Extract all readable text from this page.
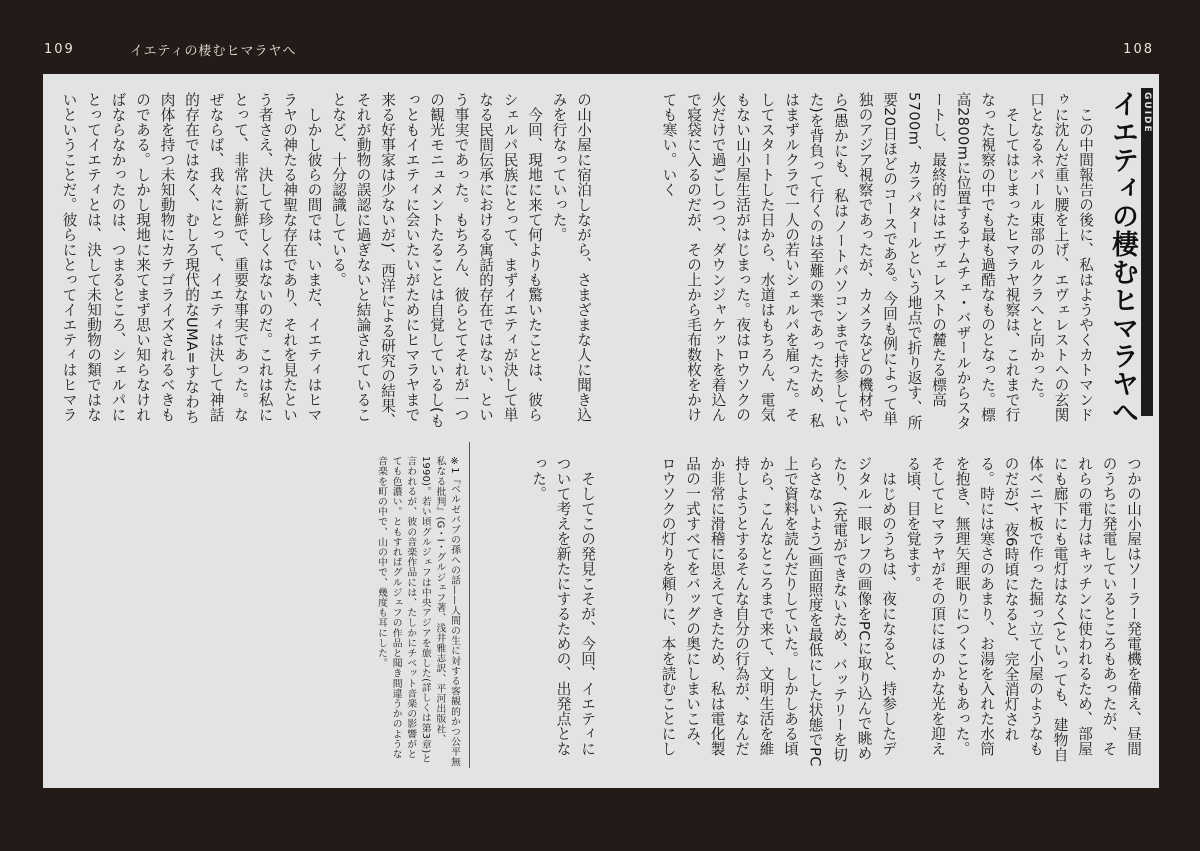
109	イエティの棲むヒマラヤへ	108
GUIDE
イエティの棲むヒマラヤへ

この中間報告の後に、私はようやくカトマンドゥに沈んだ重い腰を上げ、エヴェレストへの玄関口となるネパール東部のルクラへと向かった。

そしてはじまったヒマラヤ視察は、これまで行なった視察の中でも最も過酷なものとなった。標高2800mに位置するナムチェ・バザールからスタートし、最終的にはエヴェレストの麓たる標高5700m、カラパタールという地点で折り返す、所要20日ほどのコースである。今回も例によって単独のアジア視察であったが、カメラなどの機材やら(愚かにも、私はノートパソコンまで持参していた)を背負って行くのは至難の業であったため、私はまずルクラで一人の若いシェルパを雇った。そしてスタートした日から、水道はもちろん、電気もない山小屋生活がはじまった。夜はロウソクの火だけで過ごしつつ、ダウンジャケットを着込んで寝袋に入るのだが、その上から毛布数枚をかけても寒い。いく

つかの山小屋はソーラー発電機を備え、昼間のうちに発電しているところもあったが、それらの電力はキッチンに使われるため、部屋にも廊下にも電灯はなく(といっても、建物自体ベニヤ板で作った掘っ立て小屋のようなものだが)、夜6時頃になると、完全消灯される。時には寒さのあまり、お湯を入れた水筒を抱き、無理矢理眠りにつくこともあった。そしてヒマラヤがその頂にほのかな光を迎える頃、目を覚ます。

はじめのうちは、夜になると、持参したデジタル一眼レフの画像をPCに取り込んで眺めたり、(充電ができないため、バッテリーを切らさないよう)画面照度を最低にした状態でPC上で資料を読んだりしていた。しかしある頃から、こんなところまで来て、文明生活を維持しようとするそんな自分の行為が、なんだか非常に滑稽に思えてきたため、私は電化製品の一式すべてをバッグの奥にしまいこみ、ロウソクの灯りを頼りに、本を読むことにし

の山小屋に宿泊しながら、さまざまな人に聞き込みを行なっていった。

今回、現地に来て何よりも驚いたことは、彼らシェルパ民族にとって、まずイエティが決して単なる民間伝承における寓話的存在ではない、という事実であった。もちろん、彼らとてそれが一つの観光モニュメントたることは自覚しているし(もっともイエティに会いたいがためにヒマラヤまで来る好事家は少ないが)、西洋による研究の結果、それが動物の誤認に過ぎないと結論されていることなど、十分認識している。

しかし彼らの間では、いまだ、イエティはヒマラヤの神たる神聖な存在であり、それを見たという者さえ、決して珍しくはないのだ。これは私にとって、非常に新鮮で、重要な事実であった。なぜならば、我々にとって、イエティは決して神話的存在ではなく、むしろ現代的なUMA=すなわち肉体を持つ未知動物にカテゴライズされるべきものである。しかし現地に来てまず思い知らなければならなかったのは、つまるところ、シェルパにとってイエティとは、決して未知動物の類ではないということだ。彼らにとってイエティはヒマラ

そしてこの発見こそが、今回、イエティについて考えを新たにするための、出発点となった。

※1『ベルゼバブの孫への話——人間の生に対する客観的かつ公平無私なる批判』(G・I・グルジェフ著、浅井雅志訳、平河出版社、1990)。若い頃グルジェフは中央アジアを旅した(詳しくは第3章)と言われるが、彼の音楽作品には、たしかにチベット音楽の影響がとても色濃い。ともすればグルジェフの作品と聞き間違うかのような音楽を町の中で、山の中で、幾度も耳にした。
